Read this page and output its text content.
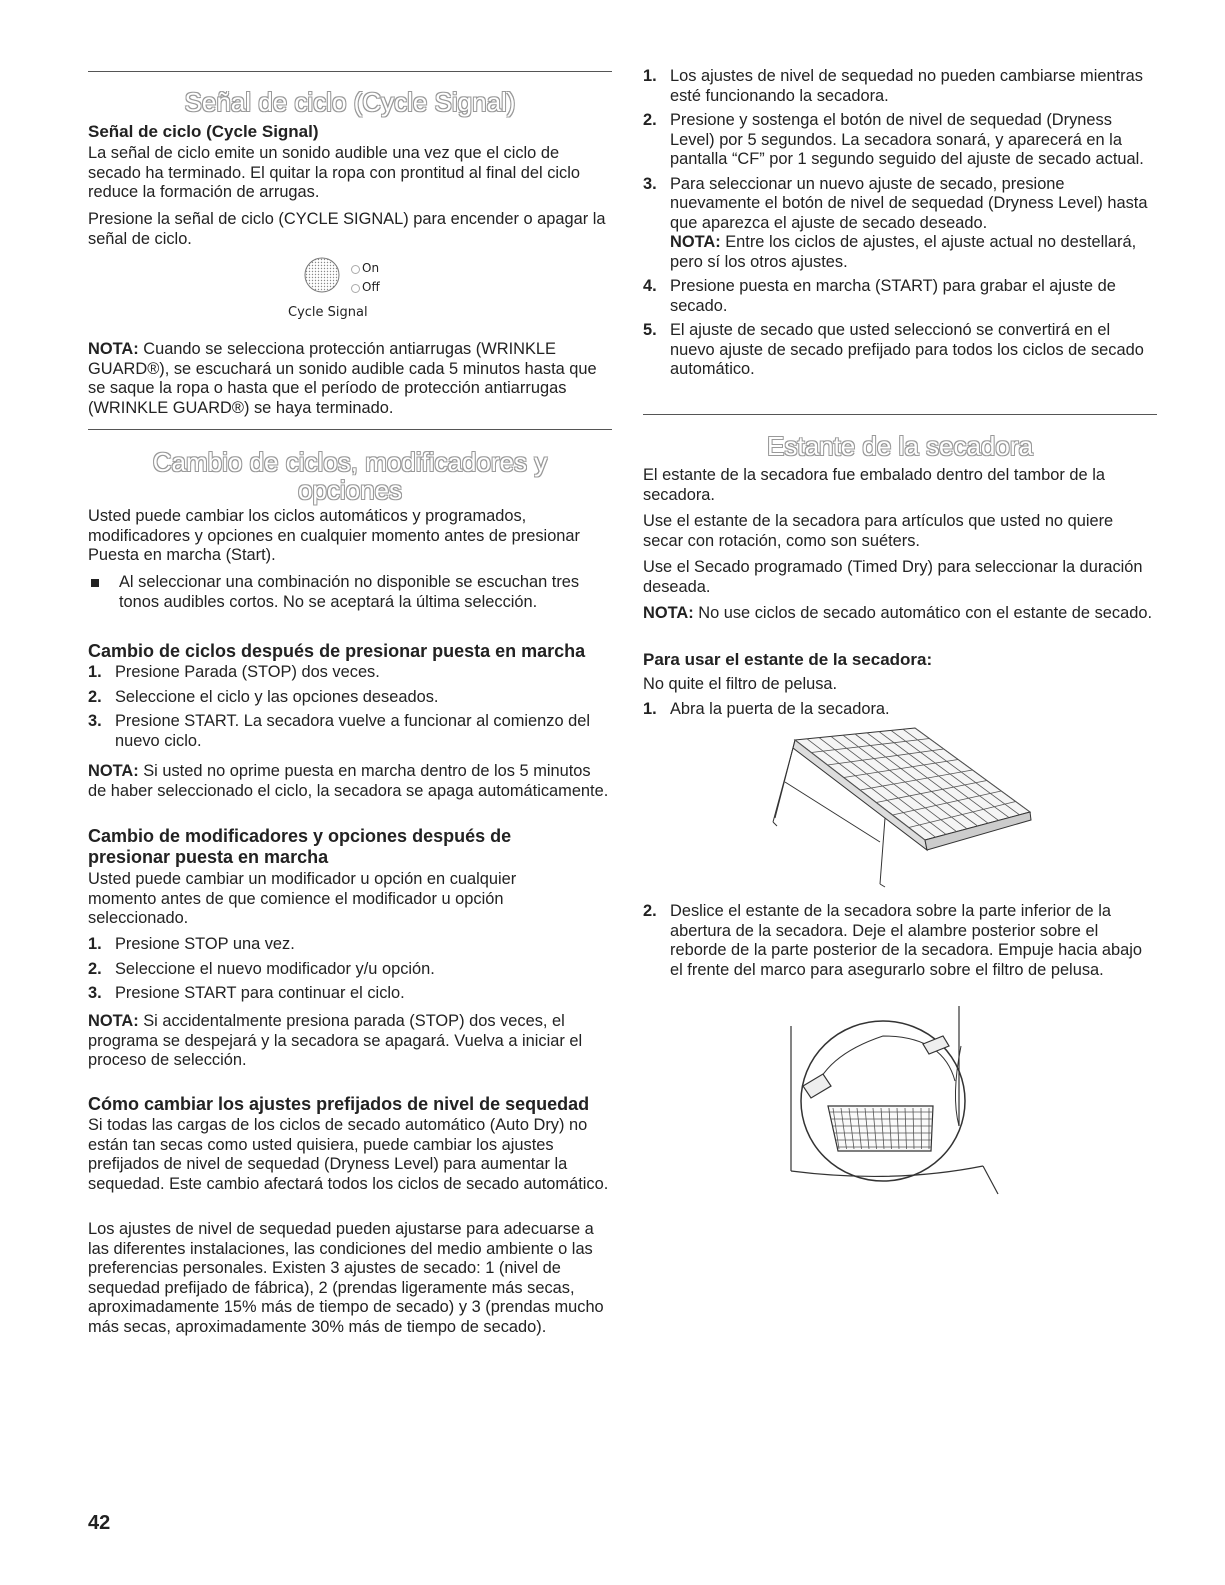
Señal de ciclo (Cycle Signal)
Señal de ciclo (Cycle Signal)

La señal de ciclo emite un sonido audible una vez que el ciclo de secado ha terminado. El quitar la ropa con prontitud al final del ciclo reduce la formación de arrugas.

Presione la señal de ciclo (CYCLE SIGNAL) para encender o apagar la señal de ciclo.

On
Off
Cycle Signal

NOTA: Cuando se selecciona protección antiarrugas (WRINKLE GUARD®), se escuchará un sonido audible cada 5 minutos hasta que se saque la ropa o hasta que el período de protección antiarrugas (WRINKLE GUARD®) se haya terminado.

Cambio de ciclos, modificadores y
opciones

Usted puede cambiar los ciclos automáticos y programados, modificadores y opciones en cualquier momento antes de presionar Puesta en marcha (Start).

Al seleccionar una combinación no disponible se escuchan tres tonos audibles cortos. No se aceptará la última selección.
Cambio de ciclos después de presionar puesta en marcha
1. Presione Parada (STOP) dos veces.
2. Seleccione el ciclo y las opciones deseados.
3. Presione START. La secadora vuelve a funcionar al comienzo del nuevo ciclo.

NOTA: Si usted no oprime puesta en marcha dentro de los 5 minutos de haber seleccionado el ciclo, la secadora se apaga automáticamente.

Cambio de modificadores y opciones después de presionar puesta en marcha

Usted puede cambiar un modificador u opción en cualquier momento antes de que comience el modificador u opción seleccionado.

1. Presione STOP una vez.
2. Seleccione el nuevo modificador y/u opción.
3. Presione START para continuar el ciclo.

NOTA: Si accidentalmente presiona parada (STOP) dos veces, el programa se despejará y la secadora se apagará. Vuelva a iniciar el proceso de selección.

Cómo cambiar los ajustes prefijados de nivel de sequedad

Si todas las cargas de los ciclos de secado automático (Auto Dry) no están tan secas como usted quisiera, puede cambiar los ajustes prefijados de nivel de sequedad (Dryness Level) para aumentar la sequedad. Este cambio afectará todos los ciclos de secado automático.

Los ajustes de nivel de sequedad pueden ajustarse para adecuarse a las diferentes instalaciones, las condiciones del medio ambiente o las preferencias personales. Existen 3 ajustes de secado: 1 (nivel de sequedad prefijado de fábrica), 2 (prendas ligeramente más secas, aproximadamente 15% más de tiempo de secado) y 3 (prendas mucho más secas, aproximadamente 30% más de tiempo de secado).

1. Los ajustes de nivel de sequedad no pueden cambiarse mientras esté funcionando la secadora.
2. Presione y sostenga el botón de nivel de sequedad (Dryness Level) por 5 segundos. La secadora sonará, y aparecerá en la pantalla “CF” por 1 segundo seguido del ajuste de secado actual.
3. Para seleccionar un nuevo ajuste de secado, presione nuevamente el botón de nivel de sequedad (Dryness Level) hasta que aparezca el ajuste de secado deseado.
NOTA: Entre los ciclos de ajustes, el ajuste actual no destellará, pero sí los otros ajustes.
4. Presione puesta en marcha (START) para grabar el ajuste de secado.
5. El ajuste de secado que usted seleccionó se convertirá en el nuevo ajuste de secado prefijado para todos los ciclos de secado automático.
Estante de la secadora

El estante de la secadora fue embalado dentro del tambor de la secadora.

Use el estante de la secadora para artículos que usted no quiere secar con rotación, como son suéters.

Use el Secado programado (Timed Dry) para seleccionar la duración deseada.

NOTA: No use ciclos de secado automático con el estante de secado.

Para usar el estante de la secadora:

No quite el filtro de pelusa.

1. Abra la puerta de la secadora.
2. Deslice el estante de la secadora sobre la parte inferior de la abertura de la secadora. Deje el alambre posterior sobre el reborde de la parte posterior de la secadora. Empuje hacia abajo el frente del marco para asegurarlo sobre el filtro de pelusa.
42
